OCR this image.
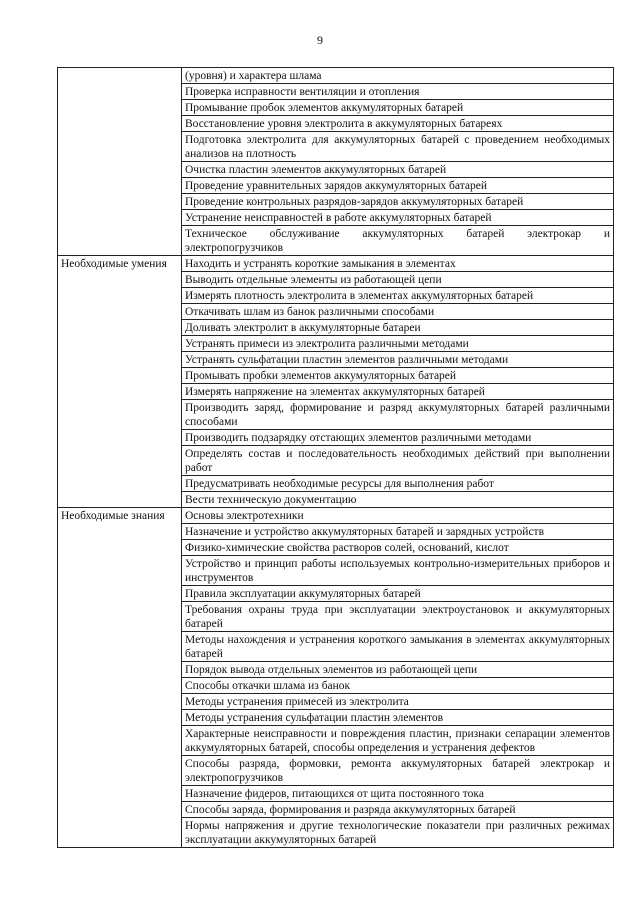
9
	(уровня) и характера шлама
	Проверка исправности вентиляции и отопления
	Промывание пробок элементов аккумуляторных батарей
	Восстановление уровня электролита в аккумуляторных батареях
	Подготовка электролита для аккумуляторных батарей с проведением необходимых анализов на плотность
	Очистка пластин элементов аккумуляторных батарей
	Проведение уравнительных зарядов аккумуляторных батарей
	Проведение контрольных разрядов-зарядов аккумуляторных батарей
	Устранение неисправностей в работе аккумуляторных батарей
	Техническое обслуживание аккумуляторных батарей электрокар и электропогрузчиков
Необходимые умения	Находить и устранять короткие замыкания в элементах
	Выводить отдельные элементы из работающей цепи
	Измерять плотность электролита в элементах аккумуляторных батарей
	Откачивать шлам из банок различными способами
	Доливать электролит в аккумуляторные батареи
	Устранять примеси из электролита различными методами
	Устранять сульфатации пластин элементов различными методами
	Промывать пробки элементов аккумуляторных батарей
	Измерять напряжение на элементах аккумуляторных батарей
	Производить заряд, формирование и разряд аккумуляторных батарей различными способами
	Производить подзарядку отстающих элементов различными методами
	Определять состав и последовательность необходимых действий при выполнении работ
	Предусматривать необходимые ресурсы для выполнения работ
	Вести техническую документацию
Необходимые знания	Основы электротехники
	Назначение и устройство аккумуляторных батарей и зарядных устройств
	Физико-химические свойства растворов солей, оснований, кислот
	Устройство и принцип работы используемых контрольно-измерительных приборов и инструментов
	Правила эксплуатации аккумуляторных батарей
	Требования охраны труда при эксплуатации электроустановок и аккумуляторных батарей
	Методы нахождения и устранения короткого замыкания в элементах аккумуляторных батарей
	Порядок вывода отдельных элементов из работающей цепи
	Способы откачки шлама из банок
	Методы устранения примесей из электролита
	Методы устранения сульфатации пластин элементов
	Характерные неисправности и повреждения пластин, признаки сепарации элементов аккумуляторных батарей, способы определения и устранения дефектов
	Способы разряда, формовки, ремонта аккумуляторных батарей электрокар и электропогрузчиков
	Назначение фидеров, питающихся от щита постоянного тока
	Способы заряда, формирования и разряда аккумуляторных батарей
	Нормы напряжения и другие технологические показатели при различных режимах эксплуатации аккумуляторных батарей
